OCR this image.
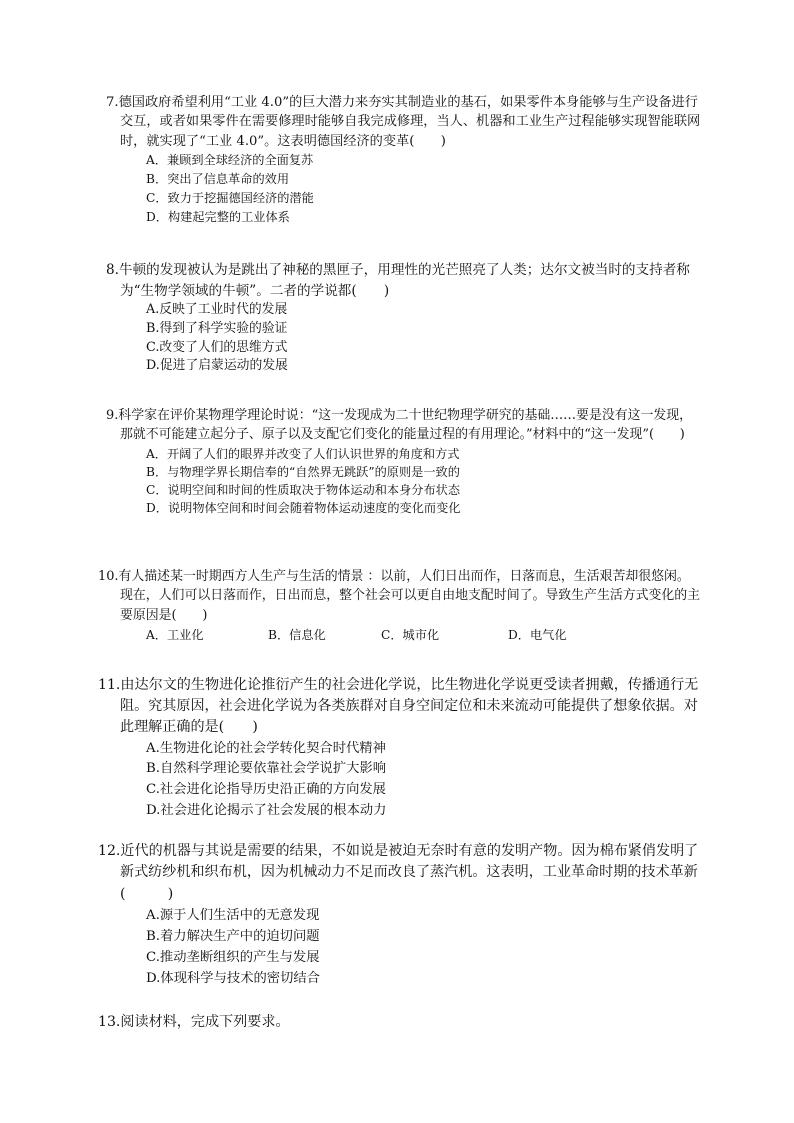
7.德国政府希望利用“工业 4.0”的巨大潜力来夯实其制造业的基石，如果零件本身能够与生产设备进行交互，或者如果零件在需要修理时能够自我完成修理，当人、机器和工业生产过程能够实现智能联网时，就实现了“工业 4.0”。这表明德国经济的变革(　　)

A．兼顾到全球经济的全面复苏

B．突出了信息革命的效用

C．致力于挖掘德国经济的潜能

D．构建起完整的工业体系

8.牛顿的发现被认为是跳出了神秘的黑匣子，用理性的光芒照亮了人类；达尔文被当时的支持者称为“生物学领域的牛顿”。二者的学说都(　　)

A.反映了工业时代的发展

B.得到了科学实验的验证

C.改变了人们的思维方式

D.促进了启蒙运动的发展

9.科学家在评价某物理学理论时说：“这一发现成为二十世纪物理学研究的基础……要是没有这一发现，那就不可能建立起分子、原子以及支配它们变化的能量过程的有用理论。”材料中的“这一发现”(　　)

A．开阔了人们的眼界并改变了人们认识世界的角度和方式

B．与物理学界长期信奉的“自然界无跳跃”的原则是一致的

C．说明空间和时间的性质取决于物体运动和本身分布状态

D．说明物体空间和时间会随着物体运动速度的变化而变化

10.有人描述某一时期西方人生产与生活的情景 ：以前，人们日出而作，日落而息，生活艰苦却很悠闲。现在，人们可以日落而作，日出而息，整个社会可以更自由地支配时间了。导致生产生活方式变化的主要原因是(　　)

A．工业化	B．信息化	C．城市化	D．电气化

11.由达尔文的生物进化论推衍产生的社会进化学说，比生物进化学说更受读者拥戴，传播通行无阻。究其原因，社会进化学说为各类族群对自身空间定位和未来流动可能提供了想象依据。对此理解正确的是(　　)

A.生物进化论的社会学转化契合时代精神

B.自然科学理论要依靠社会学说扩大影响

C.社会进化论指导历史沿正确的方向发展

D.社会进化论揭示了社会发展的根本动力

12.近代的机器与其说是需要的结果，不如说是被迫无奈时有意的发明产物。因为棉布紧俏发明了新式纺纱机和织布机，因为机械动力不足而改良了蒸汽机。这表明，工业革命时期的技术革新(　　　)

A.源于人们生活中的无意发现

B.着力解决生产中的迫切问题

C.推动垄断组织的产生与发展

D.体现科学与技术的密切结合

13.阅读材料，完成下列要求。
